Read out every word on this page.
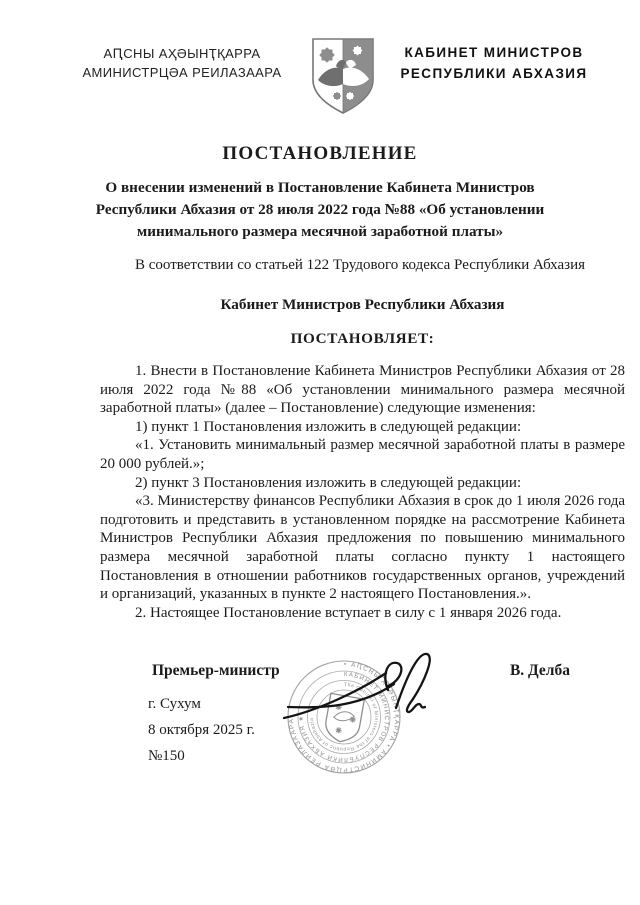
АԤСНЫ АҲӘЫНҬҚАРРА
АМИНИСТРЦӘА РЕИЛАЗААРА
КАБИНЕТ МИНИСТРОВ
РЕСПУБЛИКИ АБХАЗИЯ
ПОСТАНОВЛЕНИЕ
О внесении изменений в Постановление Кабинета Министров Республики Абхазия от 28 июля 2022 года №88 «Об установлении минимального размера месячной заработной платы»
В соответствии со статьей 122 Трудового кодекса Республики Абхазия
Кабинет Министров Республики Абхазия
ПОСТАНОВЛЯЕТ:

1. Внести в Постановление Кабинета Министров Республики Абхазия от 28 июля 2022 года №88 «Об установлении минимального размера месячной заработной платы» (далее – Постановление) следующие изменения:

1) пункт 1 Постановления изложить в следующей редакции:

«1. Установить минимальный размер месячной заработной платы в размере 20 000 рублей.»;

2) пункт 3 Постановления изложить в следующей редакции:

«3. Министерству финансов Республики Абхазия в срок до 1 июля 2026 года подготовить и представить в установленном порядке на рассмотрение Кабинета Министров Республики Абхазия предложения по повышению минимального размера месячной заработной платы согласно пункту 1 настоящего Постановления в отношении работников государственных органов, учреждений и организаций, указанных в пункте 2 настоящего Постановления.».

2. Настоящее Постановление вступает в силу с 1 января 2026 года.

Премьер-министр	В. Делба
г. Сухум
8 октября 2025 г.
№150
• АԤСНЫ АҲӘЫНҬҚАРРА • АМИНИСТРЦӘА РЕИЛАЗААРА
КАБИНЕТ МИНИСТРОВ РЕСПУБЛИКИ АБХАЗИЯ ★
The Cabinet of Ministers of the Republic of Abkhazia
